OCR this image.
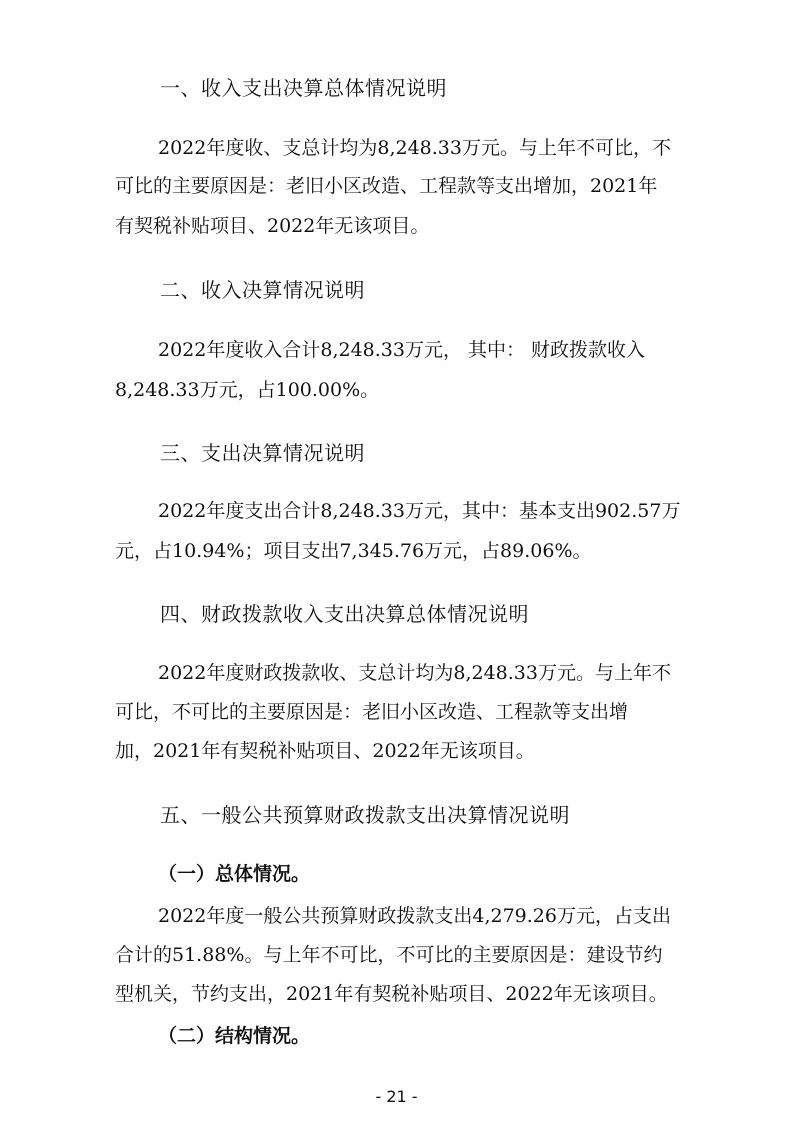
一、收入支出决算总体情况说明
2022年度收、支总计均为8,248.33万元。与上年不可比，不
可比的主要原因是：老旧小区改造、工程款等支出增加，2021年
有契税补贴项目、2022年无该项目。
二、收入决算情况说明
2022年度收入合计8,248.33万元， 其中： 财政拨款收入
8,248.33万元，占100.00%。
三、支出决算情况说明
2022年度支出合计8,248.33万元，其中：基本支出902.57万
元，占10.94%；项目支出7,345.76万元，占89.06%。
四、财政拨款收入支出决算总体情况说明
2022年度财政拨款收、支总计均为8,248.33万元。与上年不
可比，不可比的主要原因是：老旧小区改造、工程款等支出增
加，2021年有契税补贴项目、2022年无该项目。
五、一般公共预算财政拨款支出决算情况说明
（一）总体情况。
2022年度一般公共预算财政拨款支出4,279.26万元，占支出
合计的51.88%。与上年不可比，不可比的主要原因是：建设节约
型机关，节约支出，2021年有契税补贴项目、2022年无该项目。
（二）结构情况。
- 21 -
